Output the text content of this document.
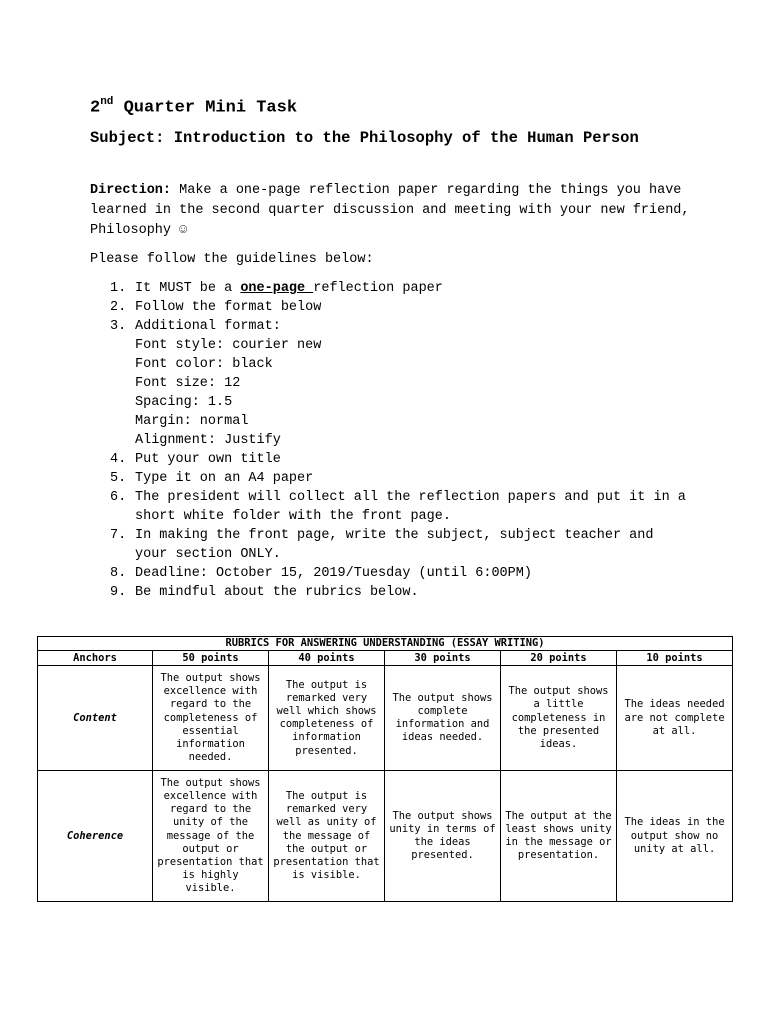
2nd Quarter Mini Task
Subject: Introduction to the Philosophy of the Human Person

Direction: Make a one-page reflection paper regarding the things you have learned in the second quarter discussion and meeting with your new friend, Philosophy ☺

Please follow the guidelines below:

1. It MUST be a one-page reflection paper
2. Follow the format below
3. Additional format:
Font style: courier new
Font color: black
Font size: 12
Spacing: 1.5
Margin: normal
Alignment: Justify
4. Put your own title
5. Type it on an A4 paper
6. The president will collect all the reflection papers and put it in a short white folder with the front page.
7. In making the front page, write the subject, subject teacher and your section ONLY.
8. Deadline: October 15, 2019/Tuesday (until 6:00PM)
9. Be mindful about the rubrics below.
RUBRICS FOR ANSWERING UNDERSTANDING (ESSAY WRITING)					
Anchors	50 points	40 points	30 points	20 points	10 points
Content	The output shows excellence with regard to the completeness of essential information needed.	The output is remarked very well which shows completeness of information presented.	The output shows complete information and ideas needed.	The output shows a little completeness in the presented ideas.	The ideas needed are not complete at all.
Coherence	The output shows excellence with regard to the unity of the message of the output or presentation that is highly visible.	The output is remarked very well as unity of the message of the output or presentation that is visible.	The output shows unity in terms of the ideas presented.	The output at the least shows unity in the message or presentation.	The ideas in the output show no unity at all.
